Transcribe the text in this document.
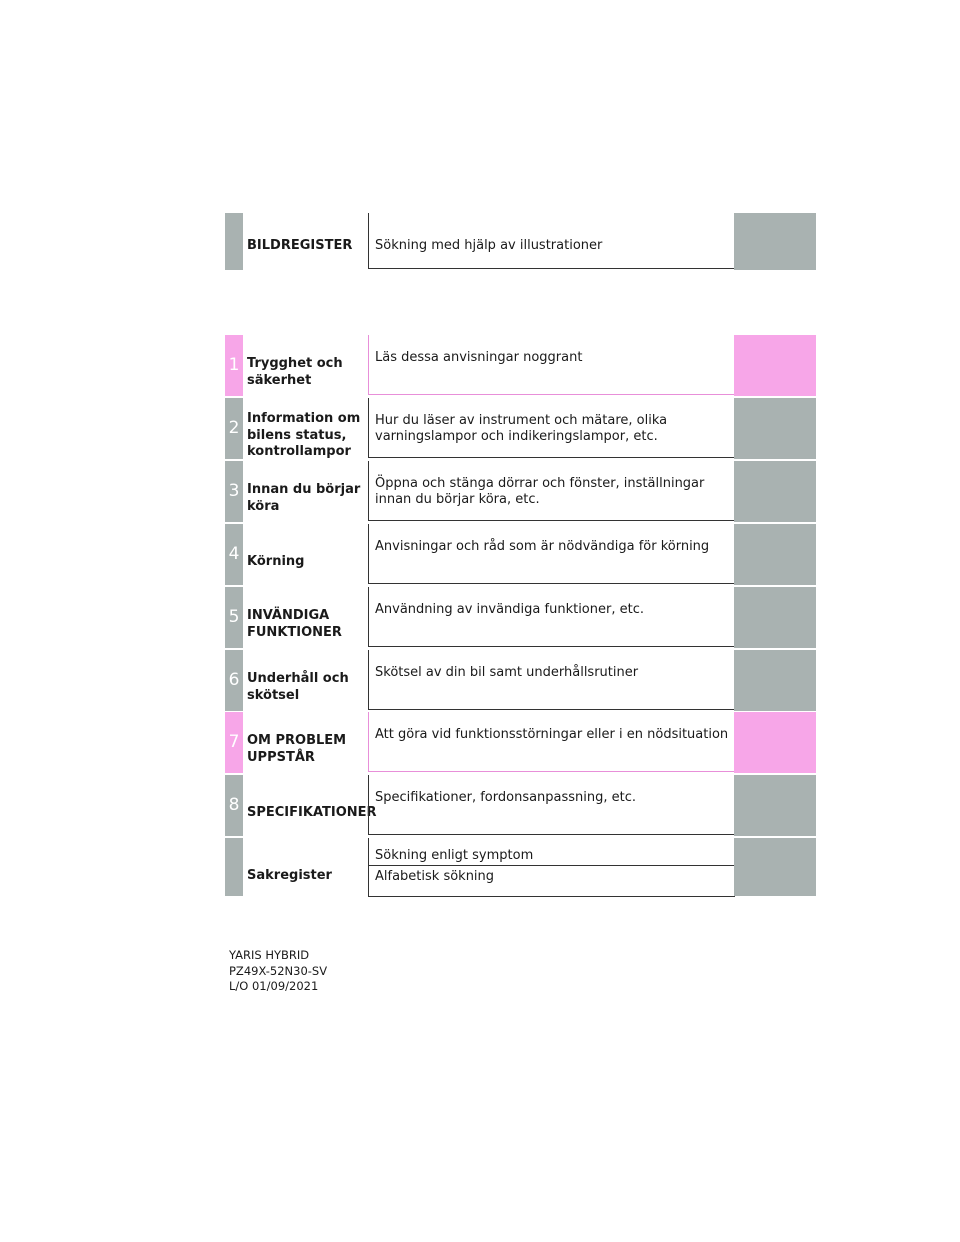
BILDREGISTER Sökning med hjälp av illustrationer
1 Trygghet och
säkerhet
Läs dessa anvisningar noggrant
2 Information om
bilens status,
kontrollampor
Hur du läser av instrument och mätare, olika
varningslampor och indikeringslampor, etc.
3 Innan du börjar
köra
Öppna och stänga dörrar och fönster, inställningar
innan du börjar köra, etc.
4 Körning
Anvisningar och råd som är nödvändiga för körning
5 INVÄNDIGA
FUNKTIONER
Användning av invändiga funktioner, etc.
6 Underhåll och
skötsel
Skötsel av din bil samt underhållsrutiner
7 OM PROBLEM
UPPSTÅR
Att göra vid funktionsstörningar eller i en nödsituation
8 SPECIFIKATIONER
Specifikationer, fordonsanpassning, etc.
Sakregister
Sökning enligt symptom
Alfabetisk sökning
YARIS HYBRID
PZ49X-52N30-SV
L/O 01/09/2021
